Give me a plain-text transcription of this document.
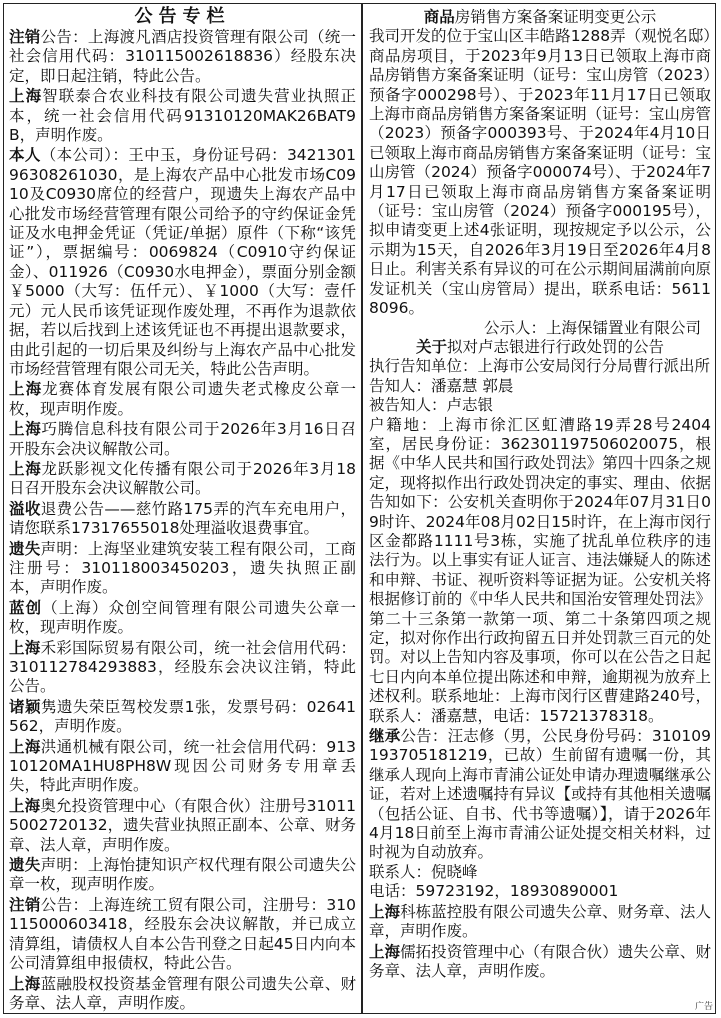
公告专栏

注销公告：上海渡凡酒店投资管理有限公司（统一社会信用代码：310115002618836）经股东决定，即日起注销，特此公告。

上海智联泰合农业科技有限公司遗失营业执照正本，统一社会信用代码91310120MAK26BAT9B，声明作废。

本人（本公司）：王中玉，身份证号码：342130196308261030，是上海农产品中心批发市场C0910及C0930席位的经营户，现遗失上海农产品中心批发市场经营管理有限公司给予的守约保证金凭证及水电押金凭证（凭证/单据）原件（下称“该凭证”），票据编号：0069824（C0910守约保证金）、011926（C0930水电押金），票面分别金额￥5000（大写：伍仟元）、￥1000（大写：壹仟元）元人民币该凭证现作废处理，不再作为退款依据，若以后找到上述该凭证也不再提出退款要求，由此引起的一切后果及纠纷与上海农产品中心批发市场经营管理有限公司无关，特此公告声明。

上海龙赛体育发展有限公司遗失老式橡皮公章一枚，现声明作废。

上海巧腾信息科技有限公司于2026年3月16日召开股东会决议解散公司。

上海龙跃影视文化传播有限公司于2026年3月18日召开股东会决议解散公司。

溢收退费公告——慈竹路175弄的汽车充电用户，请您联系17317655018处理溢收退费事宜。

遗失声明：上海坚业建筑安装工程有限公司，工商注册号：310118003450203，遗失执照正副本，声明作废。

蓝创（上海）众创空间管理有限公司遗失公章一枚，现声明作废。

上海禾彩国际贸易有限公司，统一社会信用代码：310112784293883，经股东会决议注销，特此公告。

诸颖隽遗失荣臣驾校发票1张，发票号码：02641562，声明作废。

上海洪通机械有限公司，统一社会信用代码：91310120MA1HU8PH8W现因公司财务专用章丢失，特此声明作废。

上海奥允投资管理中心（有限合伙）注册号310115002720132，遗失营业执照正副本、公章、财务章、法人章，声明作废。

遗失声明：上海怡捷知识产权代理有限公司遗失公章一枚，现声明作废。

注销公告：上海连统工贸有限公司，注册号：310115000603418，经股东会决议解散，并已成立清算组，请债权人自本公告刊登之日起45日内向本公司清算组申报债权，特此公告。

上海蓝融股权投资基金管理有限公司遗失公章、财务章、法人章，声明作废。

商品房销售方案备案证明变更公示

我司开发的位于宝山区丰皓路1288弄（观悦名邸）商品房项目，于2023年9月13日已领取上海市商品房销售方案备案证明（证号：宝山房管（2023）预备字000298号）、于2023年11月17日已领取上海市商品房销售方案备案证明（证号：宝山房管（2023）预备字000393号、于2024年4月10日已领取上海市商品房销售方案备案证明（证号：宝山房管（2024）预备字000074号）、于2024年7月17日已领取上海市商品房销售方案备案证明（证号：宝山房管（2024）预备字000195号），拟申请变更上述4张证明，现按规定予以公示，公示期为15天，自2026年3月19日至2026年4月8日止。利害关系有异议的可在公示期间届满前向原发证机关（宝山房管局）提出，联系电话：56118096。

公示人：上海保镭置业有限公司

关于拟对卢志银进行行政处罚的公告

执行告知单位：上海市公安局闵行分局曹行派出所

告知人：潘嘉慧 郭晨

被告知人：卢志银

户籍地：上海市徐汇区虹漕路19弄28号2404室，居民身份证：362301197506020075，根据《中华人民共和国行政处罚法》第四十四条之规定，现将拟作出行政处罚决定的事实、理由、依据告知如下：公安机关查明你于2024年07月31日09时许、2024年08月02日15时许，在上海市闵行区金都路1111号3栋，实施了扰乱单位秩序的违法行为。以上事实有证人证言、违法嫌疑人的陈述和申辩、书证、视听资料等证据为证。公安机关将根据修订前的《中华人民共和国治安管理处罚法》第二十三条第一款第一项、第二十条第四项之规定，拟对你作出行政拘留五日并处罚款三百元的处罚。对以上告知内容及事项，你可以在公告之日起七日内向本单位提出陈述和申辩，逾期视为放弃上述权利。联系地址：上海市闵行区曹建路240号，联系人：潘嘉慧，电话：15721378318。

继承公告：汪志修（男，公民身份号码：310109193705181219，已故）生前留有遗嘱一份，其继承人现向上海市青浦公证处申请办理遗嘱继承公证，若对上述遗嘱持有异议【或持有其他相关遗嘱（包括公证、自书、代书等遗嘱）】，请于2026年4月18日前至上海市青浦公证处提交相关材料，过时视为自动放弃。

联系人：倪晓峰

电话：59723192，18930890001

上海科栋蓝控股有限公司遗失公章、财务章、法人章，声明作废。

上海儒拓投资管理中心（有限合伙）遗失公章、财务章、法人章，声明作废。

广告
